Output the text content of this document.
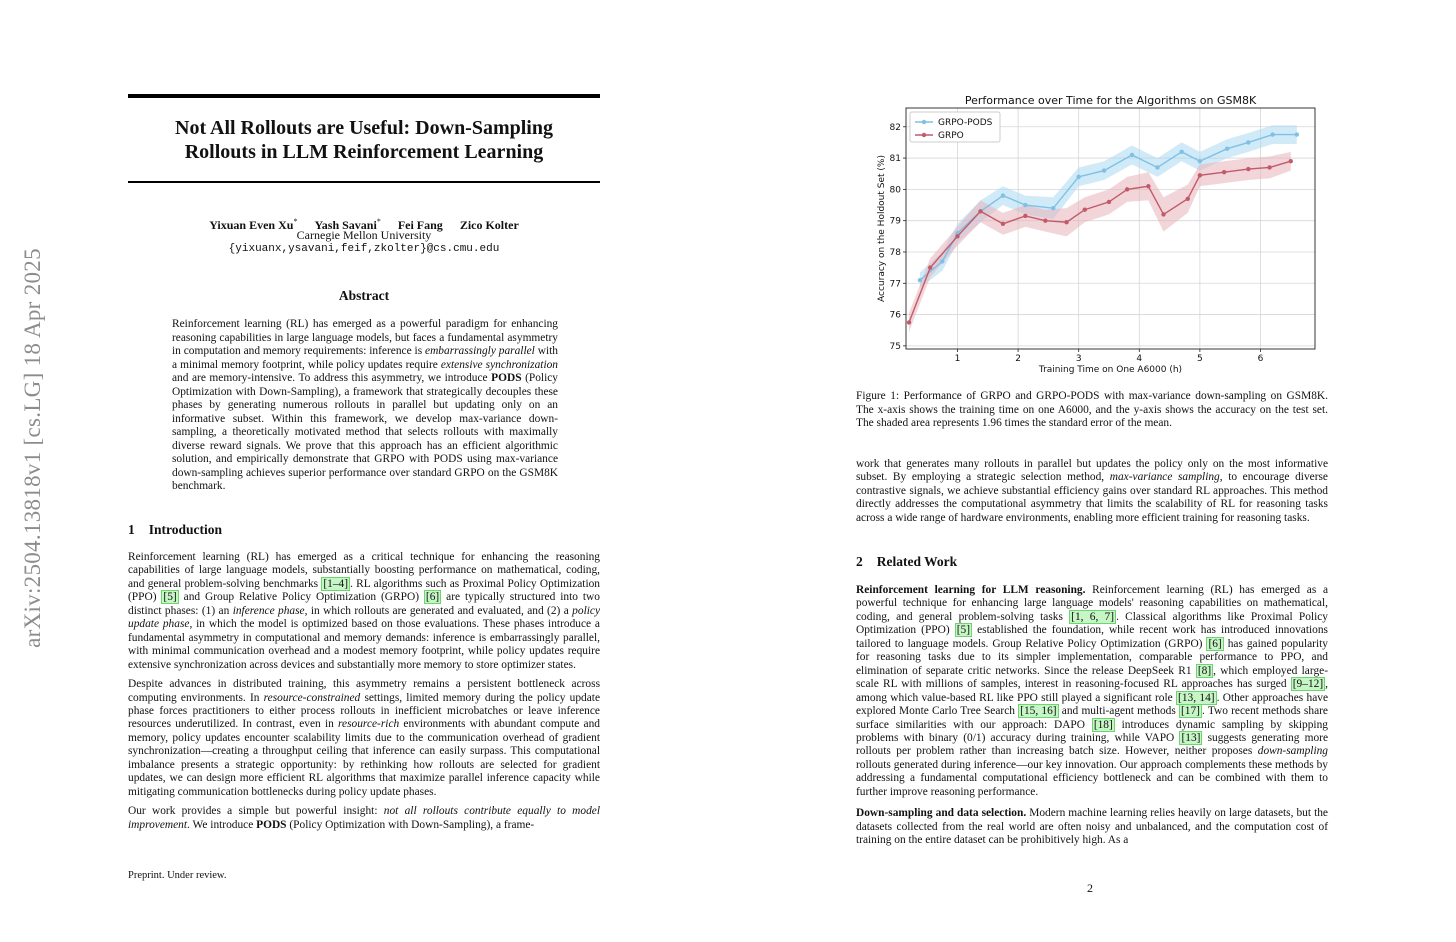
arXiv:2504.13818v1 [cs.LG] 18 Apr 2025
Not All Rollouts are Useful: Down-Sampling
Rollouts in LLM Reinforcement Learning
Yixuan Even Xu* Yash Savani* Fei Fang Zico Kolter
Carnegie Mellon University
{yixuanx,ysavani,feif,zkolter}@cs.cmu.edu
Abstract
Reinforcement learning (RL) has emerged as a powerful paradigm for enhancing reasoning capabilities in large language models, but faces a fundamental asymmetry in computation and memory requirements: inference is embarrassingly parallel with a minimal memory footprint, while policy updates require extensive synchronization and are memory-intensive. To address this asymmetry, we introduce PODS (Policy Optimization with Down-Sampling), a framework that strategically decouples these phases by generating numerous rollouts in parallel but updating only on an informative subset. Within this framework, we develop max-variance down-sampling, a theoretically motivated method that selects rollouts with maximally diverse reward signals. We prove that this approach has an efficient algorithmic solution, and empirically demonstrate that GRPO with PODS using max-variance down-sampling achieves superior performance over standard GRPO on the GSM8K benchmark.
1 Introduction

Reinforcement learning (RL) has emerged as a critical technique for enhancing the reasoning capabilities of large language models, substantially boosting performance on mathematical, coding, and general problem-solving benchmarks [1–4] . RL algorithms such as Proximal Policy Optimization (PPO) [5] and Group Relative Policy Optimization (GRPO) [6] are typically structured into two distinct phases: (1) an inference phase, in which rollouts are generated and evaluated, and (2) a policy update phase, in which the model is optimized based on those evaluations. These phases introduce a fundamental asymmetry in computational and memory demands: inference is embarrassingly parallel, with minimal communication overhead and a modest memory footprint, while policy updates require extensive synchronization across devices and substantially more memory to store optimizer states.

Despite advances in distributed training, this asymmetry remains a persistent bottleneck across computing environments. In resource-constrained settings, limited memory during the policy update phase forces practitioners to either process rollouts in inefficient microbatches or leave inference resources underutilized. In contrast, even in resource-rich environments with abundant compute and memory, policy updates encounter scalability limits due to the communication overhead of gradient synchronization—creating a throughput ceiling that inference can easily surpass. This computational imbalance presents a strategic opportunity: by rethinking how rollouts are selected for gradient updates, we can design more efficient RL algorithms that maximize parallel inference capacity while mitigating communication bottlenecks during policy update phases.

Our work provides a simple but powerful insight: not all rollouts contribute equally to model improvement. We introduce PODS (Policy Optimization with Down-Sampling), a frame-

Preprint. Under review.
Performance over Time for the Algorithms on GSM8K
1	2	3	4	5	6
75
76
77
78
79
80
81
82
Training Time on One A6000 (h)
Accuracy on the Holdout Set (%)
GRPO-PODS
GRPO
Figure 1: Performance of GRPO and GRPO-PODS with max-variance down-sampling on GSM8K. The x-axis shows the training time on one A6000, and the y-axis shows the accuracy on the test set. The shaded area represents 1.96 times the standard error of the mean.

work that generates many rollouts in parallel but updates the policy only on the most informative subset. By employing a strategic selection method, max-variance sampling, to encourage diverse contrastive signals, we achieve substantial efficiency gains over standard RL approaches. This method directly addresses the computational asymmetry that limits the scalability of RL for reasoning tasks across a wide range of hardware environments, enabling more efficient training for reasoning tasks.

2 Related Work

Reinforcement learning for LLM reasoning. Reinforcement learning (RL) has emerged as a powerful technique for enhancing large language models' reasoning capabilities on mathematical, coding, and general problem-solving tasks [1, 6, 7] . Classical algorithms like Proximal Policy Optimization (PPO) [5] established the foundation, while recent work has introduced innovations tailored to language models. Group Relative Policy Optimization (GRPO) [6] has gained popularity for reasoning tasks due to its simpler implementation, comparable performance to PPO, and elimination of separate critic networks. Since the release DeepSeek R1 [8] , which employed large-scale RL with millions of samples, interest in reasoning-focused RL approaches has surged [9–12] , among which value-based RL like PPO still played a significant role [13, 14] . Other approaches have explored Monte Carlo Tree Search [15, 16] and multi-agent methods [17] . Two recent methods share surface similarities with our approach: DAPO [18] introduces dynamic sampling by skipping problems with binary (0/1) accuracy during training, while VAPO [13] suggests generating more rollouts per problem rather than increasing batch size. However, neither proposes down-sampling rollouts generated during inference—our key innovation. Our approach complements these methods by addressing a fundamental computational efficiency bottleneck and can be combined with them to further improve reasoning performance.

Down-sampling and data selection. Modern machine learning relies heavily on large datasets, but the datasets collected from the real world are often noisy and unbalanced, and the computation cost of training on the entire dataset can be prohibitively high. As a

2
